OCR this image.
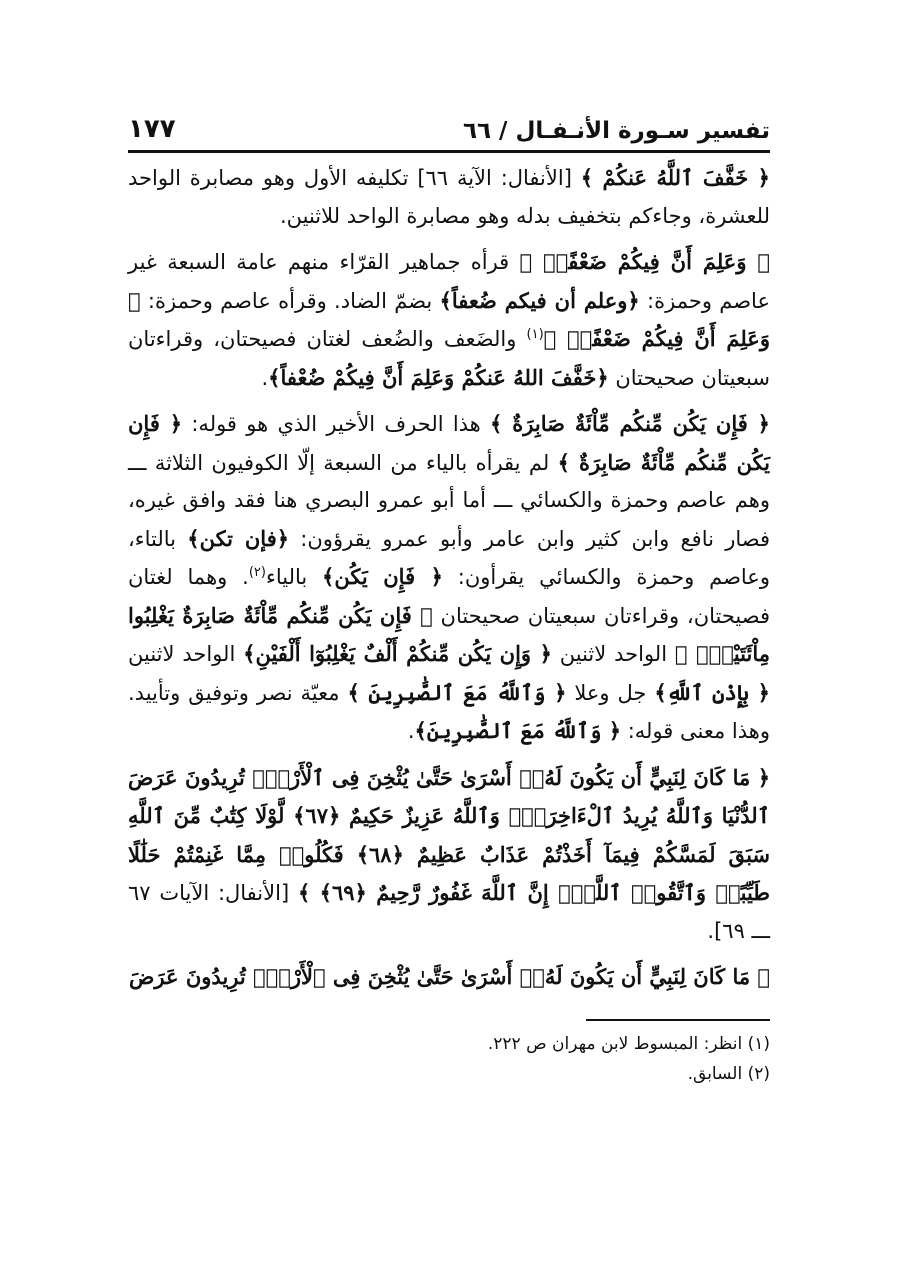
تفسير سـورة الأنـفـال / ٦٦
١٧٧

﴿ خَفَّفَ ٱللَّهُ عَنكُمْ ﴾ [الأنفال: الآية ٦٦] تكليفه الأول وهو مصابرة الواحد للعشرة، وجاءكم بتخفيف بدله وهو مصابرة الواحد للاثنين.

﴿ وَعَلِمَ أَنَّ فِيكُمْ ضَعْفًاۚ ﴾ قرأه جماهير القرّاء منهم عامة السبعة غير عاصم وحمزة: ﴿وعلم أن فيكم ضُعفاً﴾ بضمّ الضاد. وقرأه عاصم وحمزة: ﴿ وَعَلِمَ أَنَّ فِيكُمْ ضَعْفًاۚ ﴾$^{(١)}$ والضَعف والضُعف لغتان فصيحتان، وقراءتان سبعيتان صحيحتان ﴿خَفَّفَ اللهُ عَنكُمْ وَعَلِمَ أَنَّ فِيكُمْ ضُعْفاً﴾.

﴿ فَإِن يَكُن مِّنكُم مِّاْئَةٌ صَابِرَةٌ ﴾ هذا الحرف الأخير الذي هو قوله: ﴿ فَإِن يَكُن مِّنكُم مِّاْئَةٌ صَابِرَةٌ ﴾ لم يقرأه بالياء من السبعة إلّا الكوفيون الثلاثة ـــ وهم عاصم وحمزة والكسائي ـــ أما أبو عمرو البصري هنا فقد وافق غيره، فصار نافع وابن كثير وابن عامر وأبو عمرو يقرؤون: ﴿فإن تكن﴾ بالتاء، وعاصم وحمزة والكسائي يقرأون: ﴿ فَإِن يَكُن﴾ بالياء$^{(٢)}$. وهما لغتان فصيحتان، وقراءتان سبعيتان صحيحتان ﴿ فَإِن يَكُن مِّنكُم مِّاْئَةٌ صَابِرَةٌ يَغْلِبُوا مِاْئَتَيْنِۚ ﴾ الواحد لاثنين ﴿ وَإِن يَكُن مِّنكُمْ أَلْفٌ يَغْلِبُوٓا أَلْفَيْنِ﴾ الواحد لاثنين ﴿ بِإِذْنِ ٱللَّهِ﴾ جل وعلا ﴿ وَٱللَّهُ مَعَ ٱلصَّٰبِرِينَ ﴾ معيّة نصر وتوفيق وتأييد. وهذا معنى قوله: ﴿ وَٱللَّهُ مَعَ ٱلصَّٰبِرِينَ﴾.

﴿ مَا كَانَ لِنَبِيٍّ أَن يَكُونَ لَهُۥٓ أَسْرَىٰ حَتَّىٰ يُثْخِنَ فِى ٱلْأَرْضِۚ تُرِيدُونَ عَرَضَ ٱلدُّنْيَا وَٱللَّهُ يُرِيدُ ٱلْءَاخِرَةَۗ وَٱللَّهُ عَزِيزٌ حَكِيمٌ ﴿٦٧﴾ لَّوْلَا كِتَٰبٌ مِّنَ ٱللَّهِ سَبَقَ لَمَسَّكُمْ فِيمَآ أَخَذْتُمْ عَذَابٌ عَظِيمٌ ﴿٦٨﴾ فَكُلُوا۟ مِمَّا غَنِمْتُمْ حَلَٰلًا طَيِّبًاۚ وَٱتَّقُوا۟ ٱللَّهَۚ إِنَّ ٱللَّهَ غَفُورٌ رَّحِيمٌ ﴿٦٩﴾ ﴾ [الأنفال: الآيات ٦٧ ـــ ٦٩].

﴿ مَا كَانَ لِنَبِيٍّ أَن يَكُونَ لَهُۥٓ أَسْرَىٰ حَتَّىٰ يُثْخِنَ فِى ٱلْأَرْضِۚ تُرِيدُونَ عَرَضَ

(١) انظر: المبسوط لابن مهران ص ٢٢٢.

(٢) السابق.
